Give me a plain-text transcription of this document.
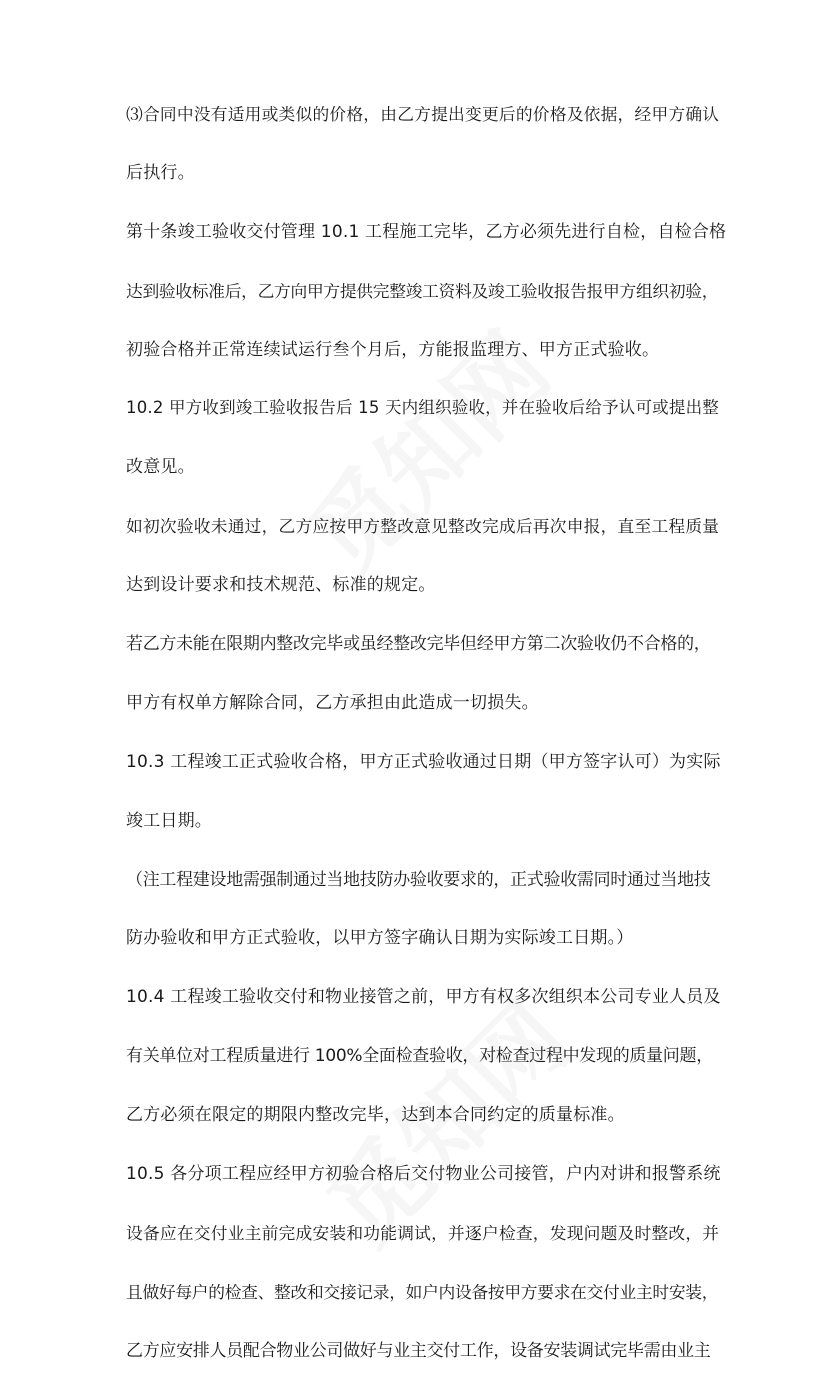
⑶合同中没有适用或类似的价格，由乙方提出变更后的价格及依据，经甲方确认
后执行。
第十条竣工验收交付管理 10.1 工程施工完毕，乙方必须先进行自检，自检合格
达到验收标准后，乙方向甲方提供完整竣工资料及竣工验收报告报甲方组织初验，
初验合格并正常连续试运行叁个月后，方能报监理方、甲方正式验收。
10.2 甲方收到竣工验收报告后 15 天内组织验收，并在验收后给予认可或提出整
改意见。
如初次验收未通过，乙方应按甲方整改意见整改完成后再次申报，直至工程质量
达到设计要求和技术规范、标准的规定。
若乙方未能在限期内整改完毕或虽经整改完毕但经甲方第二次验收仍不合格的，
甲方有权单方解除合同，乙方承担由此造成一切损失。
10.3 工程竣工正式验收合格，甲方正式验收通过日期（甲方签字认可）为实际
竣工日期。
（注工程建设地需强制通过当地技防办验收要求的，正式验收需同时通过当地技
防办验收和甲方正式验收，以甲方签字确认日期为实际竣工日期。）
10.4 工程竣工验收交付和物业接管之前，甲方有权多次组织本公司专业人员及
有关单位对工程质量进行 100%全面检查验收，对检查过程中发现的质量问题，
乙方必须在限定的期限内整改完毕，达到本合同约定的质量标准。
10.5 各分项工程应经甲方初验合格后交付物业公司接管，户内对讲和报警系统
设备应在交付业主前完成安装和功能调试，并逐户检查，发现问题及时整改，并
且做好每户的检查、整改和交接记录，如户内设备按甲方要求在交付业主时安装，
乙方应安排人员配合物业公司做好与业主交付工作，设备安装调试完毕需由业主
